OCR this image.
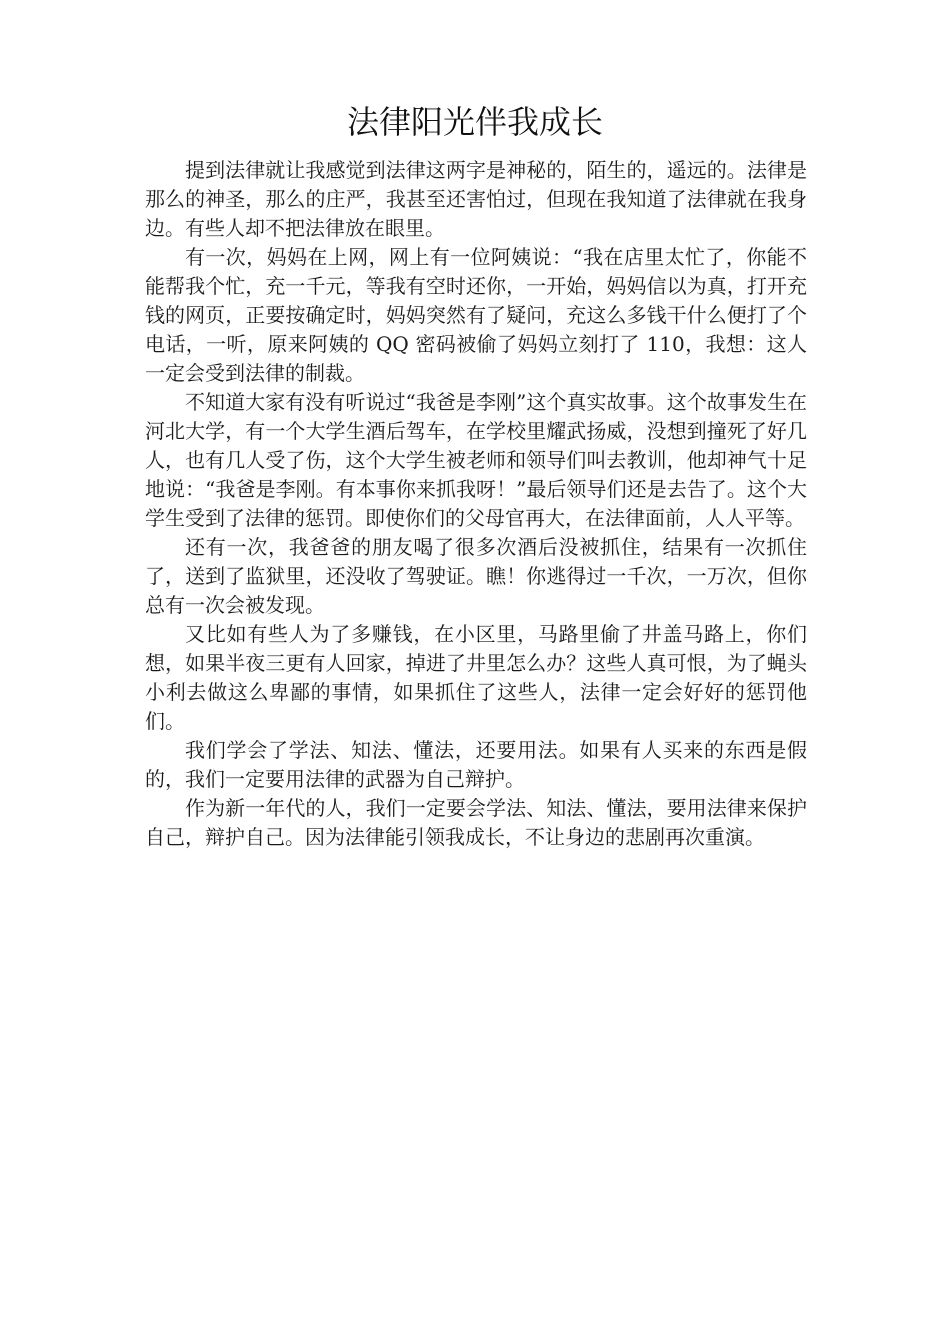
法律阳光伴我成长

提到法律就让我感觉到法律这两字是神秘的，陌生的，遥远的。法律是那么的神圣，那么的庄严，我甚至还害怕过，但现在我知道了法律就在我身边。有些人却不把法律放在眼里。

有一次，妈妈在上网，网上有一位阿姨说：“我在店里太忙了，你能不能帮我个忙，充一千元，等我有空时还你，一开始，妈妈信以为真，打开充钱的网页，正要按确定时，妈妈突然有了疑问，充这么多钱干什么便打了个电话，一听，原来阿姨的 QQ 密码被偷了妈妈立刻打了 110，我想：这人一定会受到法律的制裁。

不知道大家有没有听说过“我爸是李刚”这个真实故事。这个故事发生在河北大学，有一个大学生酒后驾车，在学校里耀武扬威，没想到撞死了好几人，也有几人受了伤，这个大学生被老师和领导们叫去教训，他却神气十足地说：“我爸是李刚。有本事你来抓我呀！”最后领导们还是去告了。这个大学生受到了法律的惩罚。即使你们的父母官再大，在法律面前，人人平等。

还有一次，我爸爸的朋友喝了很多次酒后没被抓住，结果有一次抓住了，送到了监狱里，还没收了驾驶证。瞧！你逃得过一千次，一万次，但你总有一次会被发现。

又比如有些人为了多赚钱，在小区里，马路里偷了井盖马路上，你们想，如果半夜三更有人回家，掉进了井里怎么办？这些人真可恨，为了蝇头小利去做这么卑鄙的事情，如果抓住了这些人，法律一定会好好的惩罚他们。

我们学会了学法、知法、懂法，还要用法。如果有人买来的东西是假的，我们一定要用法律的武器为自己辩护。

作为新一年代的人，我们一定要会学法、知法、懂法，要用法律来保护自己，辩护自己。因为法律能引领我成长，不让身边的悲剧再次重演。
